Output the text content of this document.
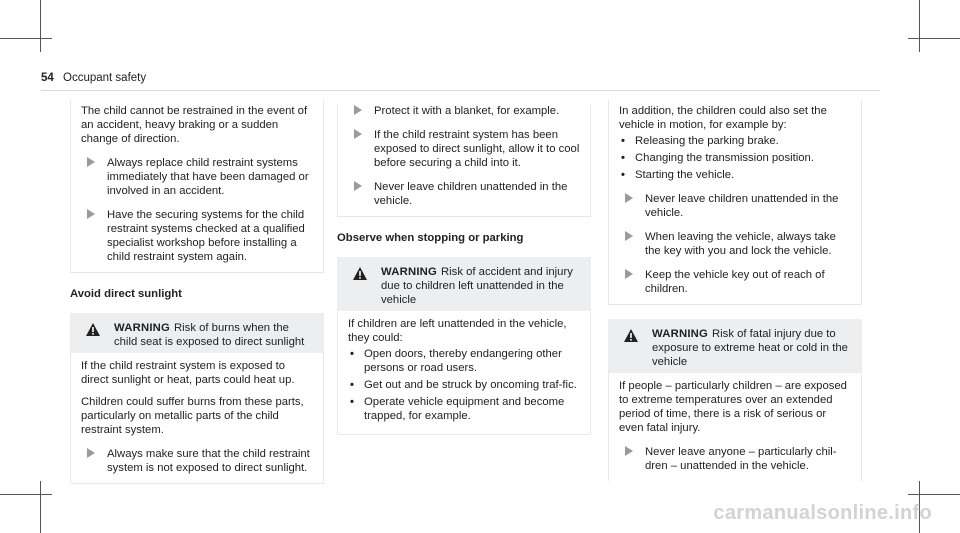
54 Occupant safety

The child cannot be restrained in the event of an accident, heavy braking or a sudden change of direction.

Always replace child restraint systems immediately that have been damaged or involved in an accident.
Have the securing systems for the child restraint systems checked at a qualified specialist workshop before installing a child restraint system again.
Avoid direct sunlight
WARNING Risk of burns when the child seat is exposed to direct sunlight

If the child restraint system is exposed to direct sunlight or heat, parts could heat up.

Children could suffer burns from these parts, particularly on metallic parts of the child restraint system.

Always make sure that the child restraint system is not exposed to direct sunlight.
Protect it with a blanket, for example.
If the child restraint system has been exposed to direct sunlight, allow it to cool before securing a child into it.
Never leave children unattended in the vehicle.
Observe when stopping or parking
WARNING Risk of accident and injury due to children left unattended in the vehicle

If children are left unattended in the vehicle, they could:

• Open doors, thereby endangering other persons or road users.
• Get out and be struck by oncoming traf‐fic.
• Operate vehicle equipment and become trapped, for example.

In addition, the children could also set the vehicle in motion, for example by:

• Releasing the parking brake.
• Changing the transmission position.
• Starting the vehicle.
Never leave children unattended in the vehicle.
When leaving the vehicle, always take the key with you and lock the vehicle.
Keep the vehicle key out of reach of children.
WARNING Risk of fatal injury due to exposure to extreme heat or cold in the vehicle

If people – particularly children – are exposed to extreme temperatures over an extended period of time, there is a risk of serious or even fatal injury.

Never leave anyone – particularly chil‐dren – unattended in the vehicle.
carmanualsonline.info
